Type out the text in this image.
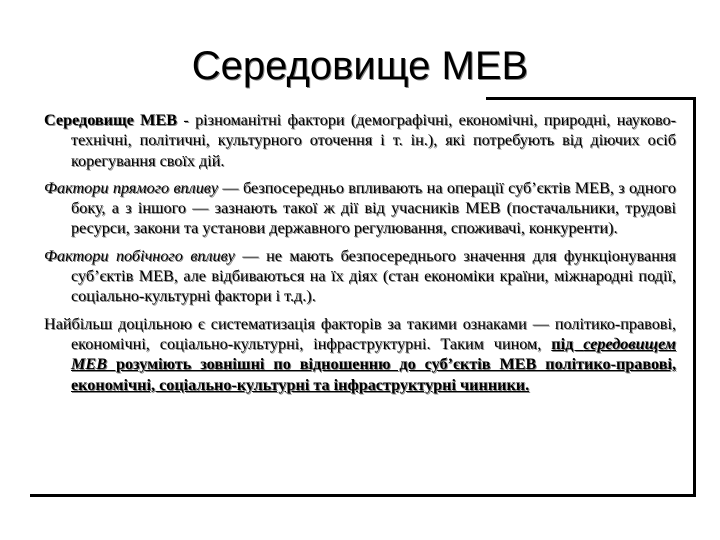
Середовище МЕВ

Середовище МЕВ - різноманітні фактори (демографічні, економічні, природні, науково-технічні, політичні, культурного оточення і т. ін.), які потребують від діючих осіб корегування своїх дій.

Фактори прямого впливу — безпосередньо впливають на операції суб’єктів МЕВ, з одного боку, а з іншого — зазнають такої ж дії від учасників МЕВ (постачальники, трудові ресурси, закони та установи державного регулювання, споживачі, конкуренти).

Фактори побічного впливу — не мають безпосереднього значення для функціонування суб’єктів МЕВ, але відбиваються на їх діях (стан економіки країни, міжнародні події, соціально-культурні фактори і т.д.).

Найбільш доцільною є систематизація факторів за такими ознаками — політико-правові, економічні, соціально-культурні, інфраструктурні. Таким чином, під середовищем МЕВ розуміють зовнішні по відношенню до суб’єктів МЕВ політико-правові, економічні, соціально-культурні та інфраструктурні чинники.
